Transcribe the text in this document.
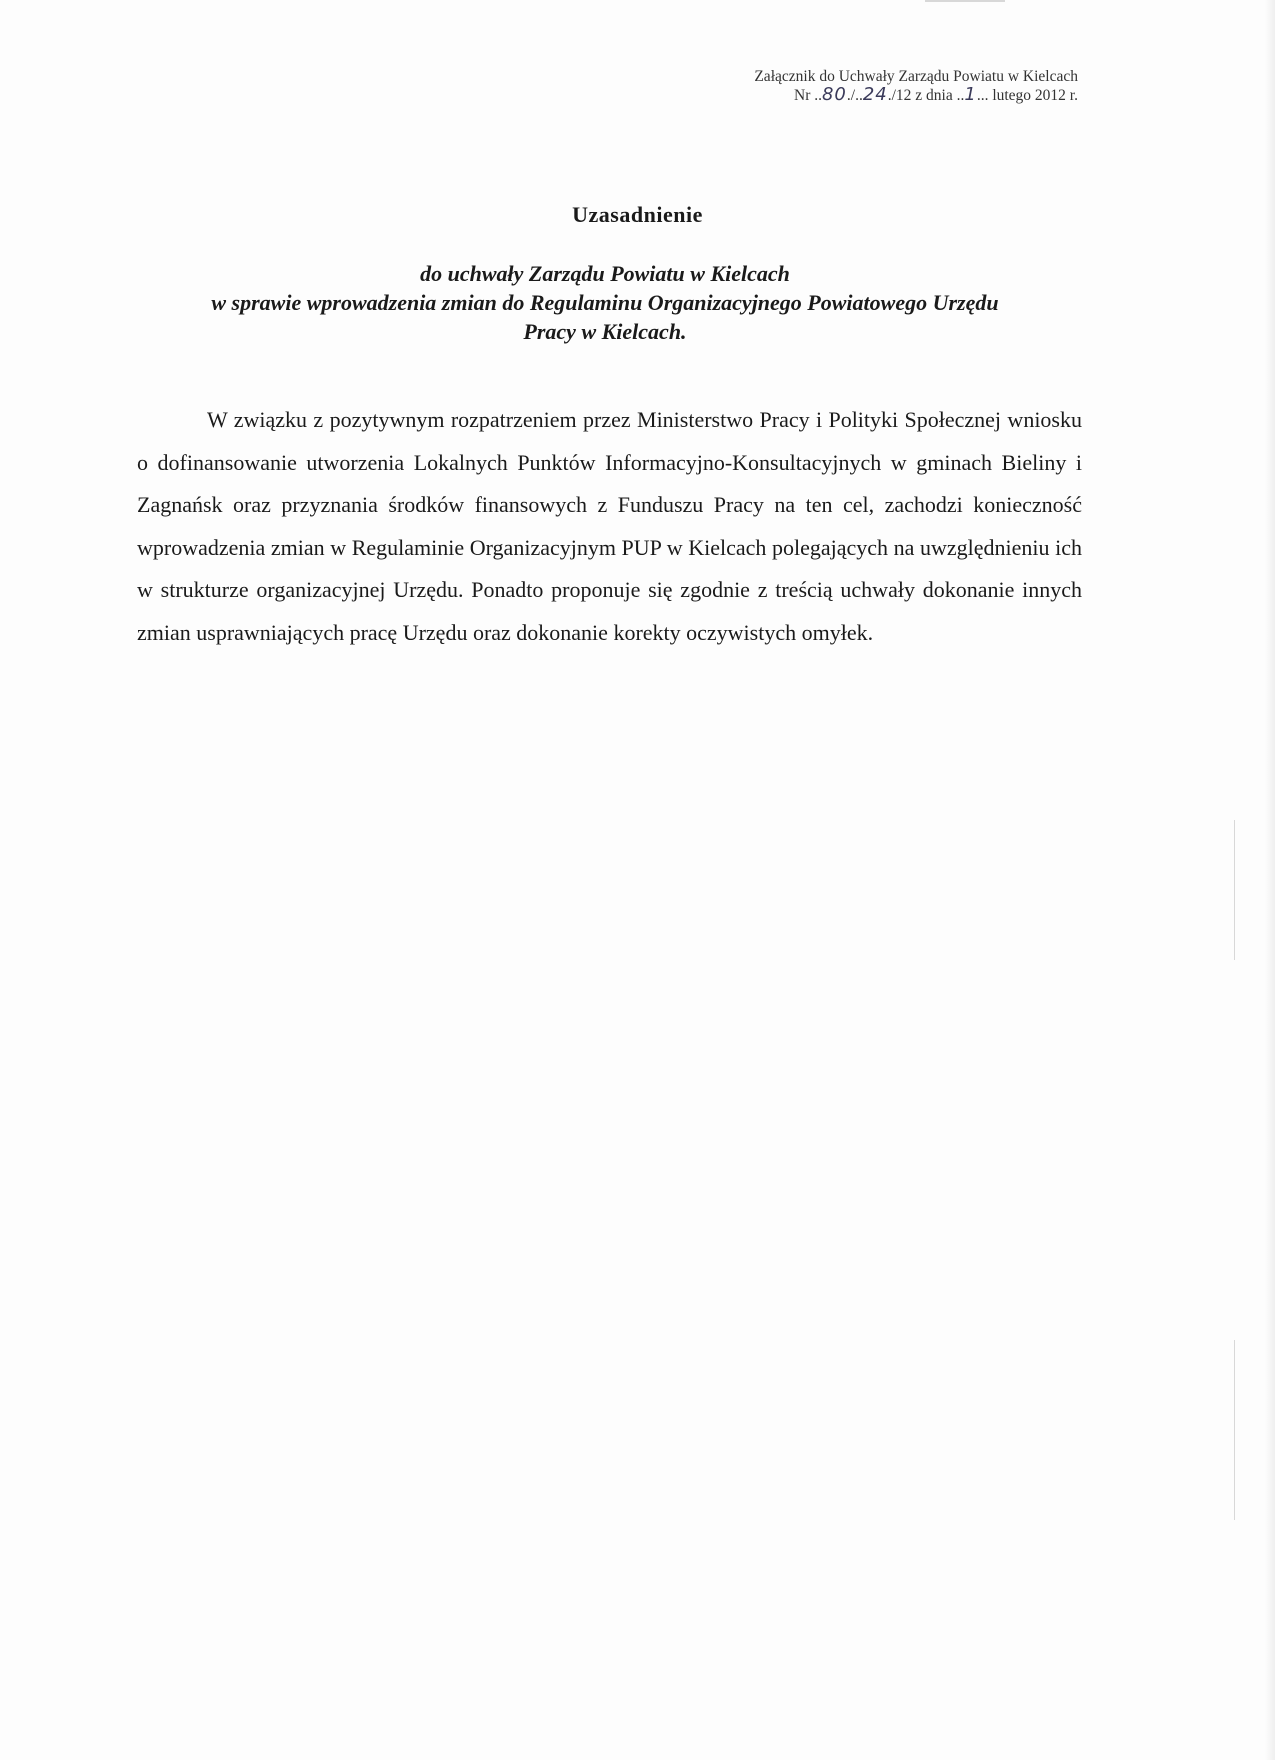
Załącznik do Uchwały Zarządu Powiatu w Kielcach
Nr ..80./..24./12 z dnia ..1... lutego 2012 r.
Uzasadnienie
do uchwały Zarządu Powiatu w Kielcach
w sprawie wprowadzenia zmian do Regulaminu Organizacyjnego Powiatowego Urzędu
Pracy w Kielcach.

W związku z pozytywnym rozpatrzeniem przez Ministerstwo Pracy i Polityki Społecznej wniosku o dofinansowanie utworzenia Lokalnych Punktów Informacyjno-Konsultacyjnych w gminach Bieliny i Zagnańsk oraz przyznania środków finansowych z Funduszu Pracy na ten cel, zachodzi konieczność wprowadzenia zmian w Regulaminie Organizacyjnym PUP w Kielcach polegających na uwzględnieniu ich w strukturze organizacyjnej Urzędu. Ponadto proponuje się zgodnie z treścią uchwały dokonanie innych zmian usprawniających pracę Urzędu oraz dokonanie korekty oczywistych omyłek.
